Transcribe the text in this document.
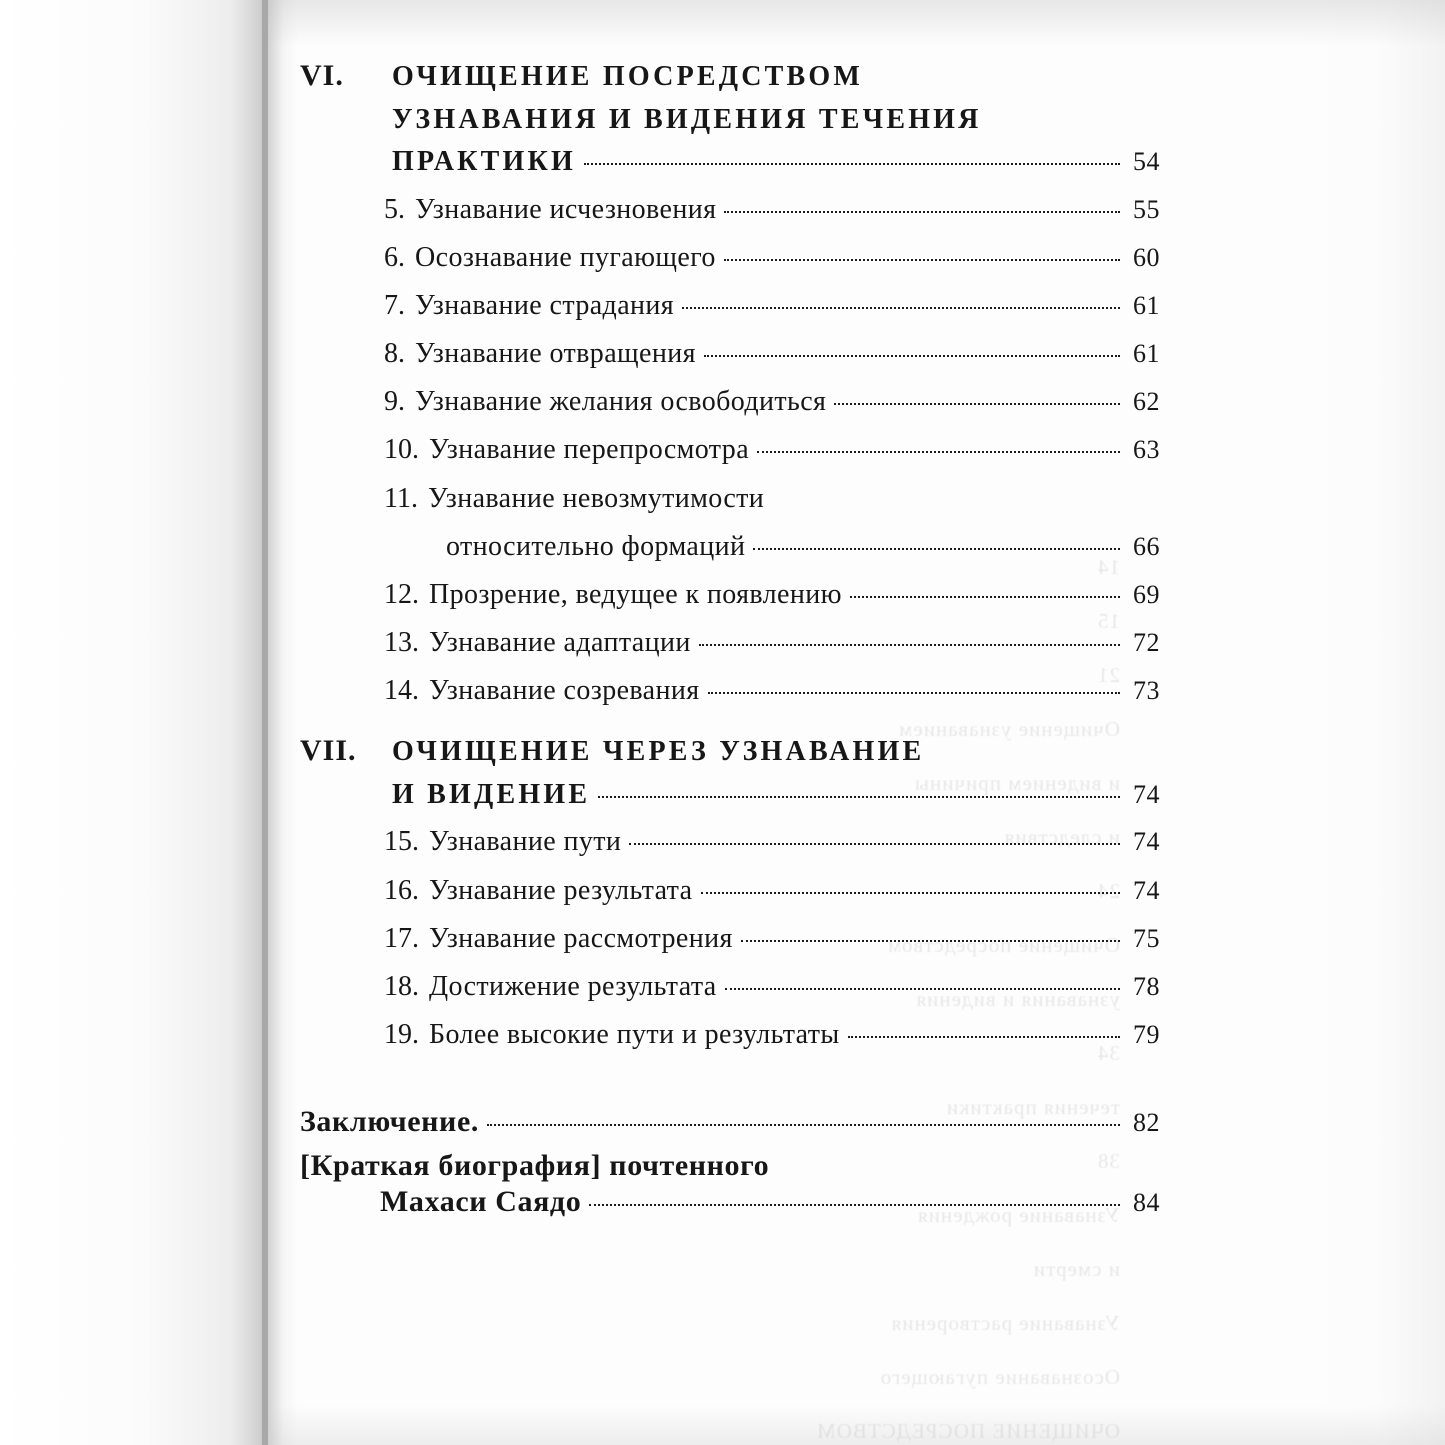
14
15
21
Очищение узнаванием
и видением причины
и следствия
24
Очищение посредством
узнавания и видения
34
течения практики
38
Узнавание рождения
и смерти
Узнавание растворения
Осознавание пугающего
VI.	ОЧИЩЕНИЕ ПОСРЕДСТВОМ
УЗНАВАНИЯ И ВИДЕНИЯ ТЕЧЕНИЯ
ПРАКТИКИ	54
5. Узнавание исчезновения	55
6. Осознавание пугающего	60
7. Узнавание страдания	61
8. Узнавание отвращения	61
9. Узнавание желания освободиться	62
10. Узнавание перепросмотра	63
11. Узнавание невозмутимости
относительно формаций	66
12. Прозрение, ведущее к появлению	69
13. Узнавание адаптации	72
14. Узнавание созревания	73
VII.	ОЧИЩЕНИЕ ЧЕРЕЗ УЗНАВАНИЕ
И ВИДЕНИЕ	74
15. Узнавание пути	74
16. Узнавание результата	74
17. Узнавание рассмотрения	75
18. Достижение результата	78
19. Более высокие пути и результаты	79
Заключение.	82
[Краткая биография] почтенного
Махаси Саядо	84
